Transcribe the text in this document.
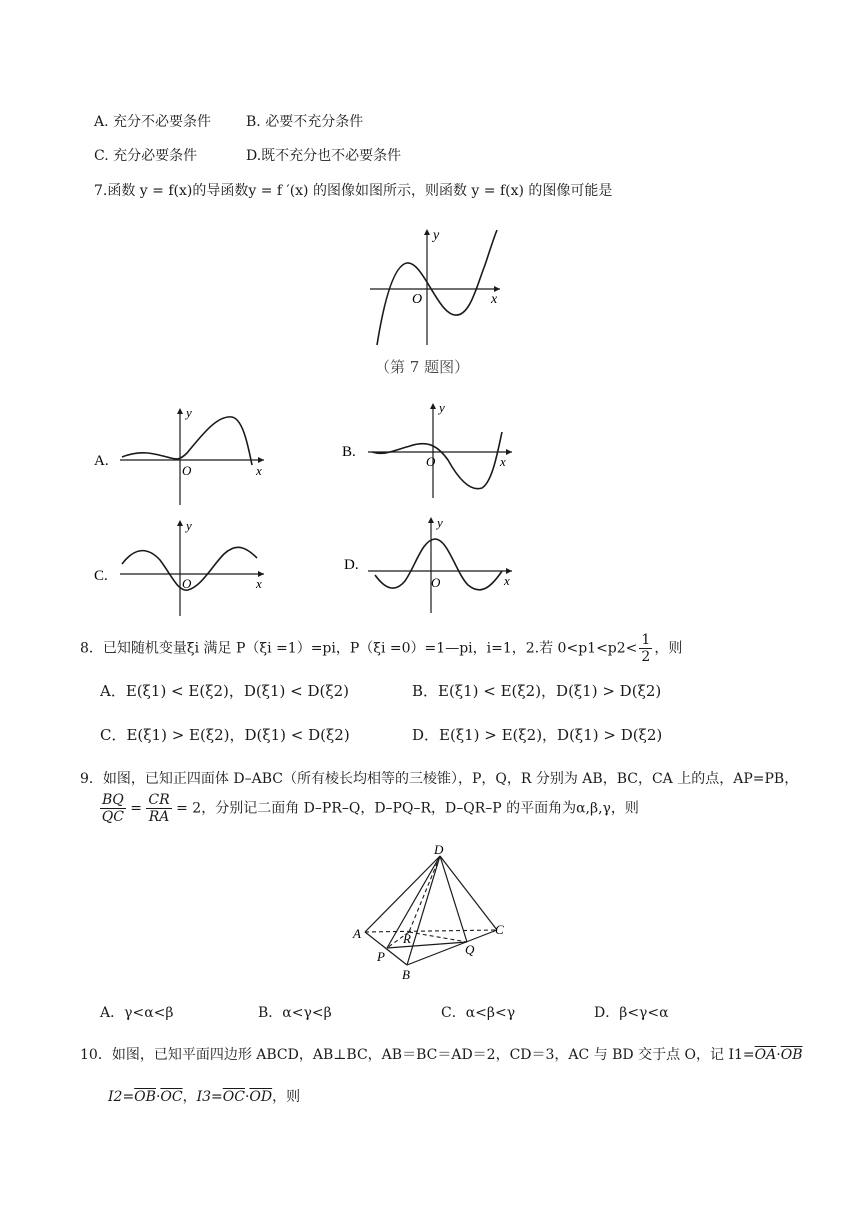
A. 充分不必要条件 B. 必要不充分条件
C. 充分必要条件	D.既不充分也不必要条件
7.函数 y = f(x)的导函数y = f ′(x) 的图像如图所示，则函数 y = f(x) 的图像可能是
y
x
O
（第 7 题图）
A.
y
x
O
B.
y
x
O
C.
y
x
O
D.
y
x
O
8．已知随机变量ξi 满足 P（ξi =1）=pi，P（ξi =0）=1—pi，i=1，2.若 $0<p1<p2< \frac{1}{2}$ ，则
A．E(ξ1) < E(ξ2)，D(ξ1) < D(ξ2)	B．E(ξ1) < E(ξ2)，D(ξ1) > D(ξ2)
C．E(ξ1) > E(ξ2)，D(ξ1) < D(ξ2)	D．E(ξ1) > E(ξ2)，D(ξ1) > D(ξ2)
9．如图，已知正四面体 D–ABC（所有棱长均相等的三棱锥），P，Q，R 分别为 AB，BC，CA 上的点，AP=PB，
$\frac{BQ}{QC} = \frac{CR}{RA} = 2$，分别记二面角 D–PR–Q，D–PQ–R，D–QR–P 的平面角为α,β,γ，则
D
A	C
R
Q
P
B
A．γ<α<β	B．α<γ<β	C．α<β<γ	D．β<γ<α
10．如图，已知平面四边形 ABCD，AB⊥BC，AB＝BC＝AD＝2，CD＝3，AC 与 BD 交于点 O，记 $I1=\overline{OA}\cdot\overline{OB}$
$I2=\overline{OB}\cdot\overline{OC}$，$I3=\overline{OC}\cdot\overline{OD}$，则
